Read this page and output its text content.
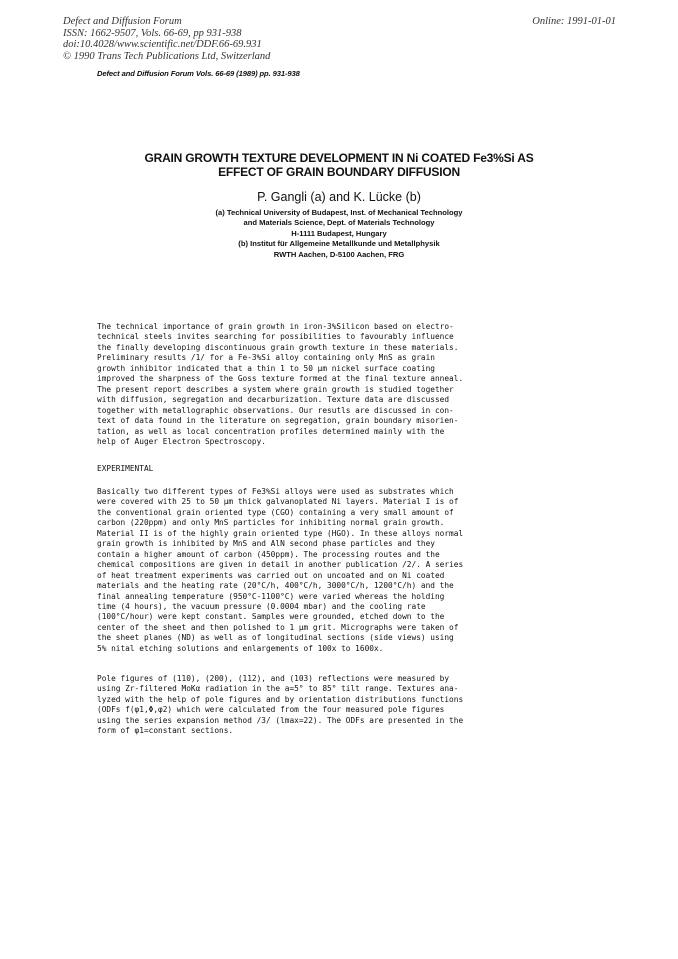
Defect and Diffusion Forum
ISSN: 1662-9507, Vols. 66-69, pp 931-938
doi:10.4028/www.scientific.net/DDF.66-69.931
© 1990 Trans Tech Publications Ltd, Switzerland
Online: 1991-01-01
Defect and Diffusion Forum Vols. 66-69 (1989) pp. 931-938
GRAIN GROWTH TEXTURE DEVELOPMENT IN Ni COATED Fe3%Si AS
EFFECT OF GRAIN BOUNDARY DIFFUSION
P. Gangli (a) and K. Lücke (b)
(a) Technical University of Budapest, Inst. of Mechanical Technology
and Materials Science, Dept. of Materials Technology
H-1111 Budapest, Hungary
(b) Institut für Allgemeine Metallkunde und Metallphysik
RWTH Aachen, D-5100 Aachen, FRG
The technical importance of grain growth in iron-3%Silicon based on electro-
technical steels invites searching for possibilities to favourably influence
the finally developing discontinuous grain growth texture in these materials.
Preliminary results /1/ for a Fe-3%Si alloy containing only MnS as grain
growth inhibitor indicated that a thin 1 to 50 μm nickel surface coating
improved the sharpness of the Goss texture formed at the final texture anneal.
The present report describes a system where grain growth is studied together
with diffusion, segregation and decarburization. Texture data are discussed
together with metallographic observations. Our resutls are discussed in con-
text of data found in the literature on segregation, grain boundary misorien-
tation, as well as local concentration profiles determined mainly with the
help of Auger Electron Spectroscopy.
EXPERIMENTAL
Basically two different types of Fe3%Si alloys were used as substrates which
were covered with 25 to 50 μm thick galvanoplated Ni layers. Material I is of
the conventional grain oriented type (CGO) containing a very small amount of
carbon (220ppm) and only MnS particles for inhibiting normal grain growth.
Material II is of the highly grain oriented type (HGO). In these alloys normal
grain growth is inhibited by MnS and AlN second phase particles and they
contain a higher amount of carbon (450ppm). The processing routes and the
chemical compositions are given in detail in another publication /2/. A series
of heat treatment experiments was carried out on uncoated and on Ni coated
materials and the heating rate (20°C/h, 400°C/h, 3000°C/h, 1200°C/h) and the
final annealing temperature (950°C-1100°C) were varied whereas the holding
time (4 hours), the vacuum pressure (0.0004 mbar) and the cooling rate
(100°C/hour) were kept constant. Samples were grounded, etched down to the
center of the sheet and then polished to 1 μm grit. Micrographs were taken of
the sheet planes (ND) as well as of longitudinal sections (side views) using
5% nital etching solutions and enlargements of 100x to 1600x.
Pole figures of (110), (200), (112), and (103) reflections were measured by
using Zr-filtered MoKα radiation in the a=5° to 85° tilt range. Textures ana-
lyzed with the help of pole figures and by orientation distributions functions
(ODFs f(φ1,Φ,φ2) which were calculated from the four measured pole figures
using the series expansion method /3/ (lmax=22). The ODFs are presented in the
form of φ1=constant sections.
